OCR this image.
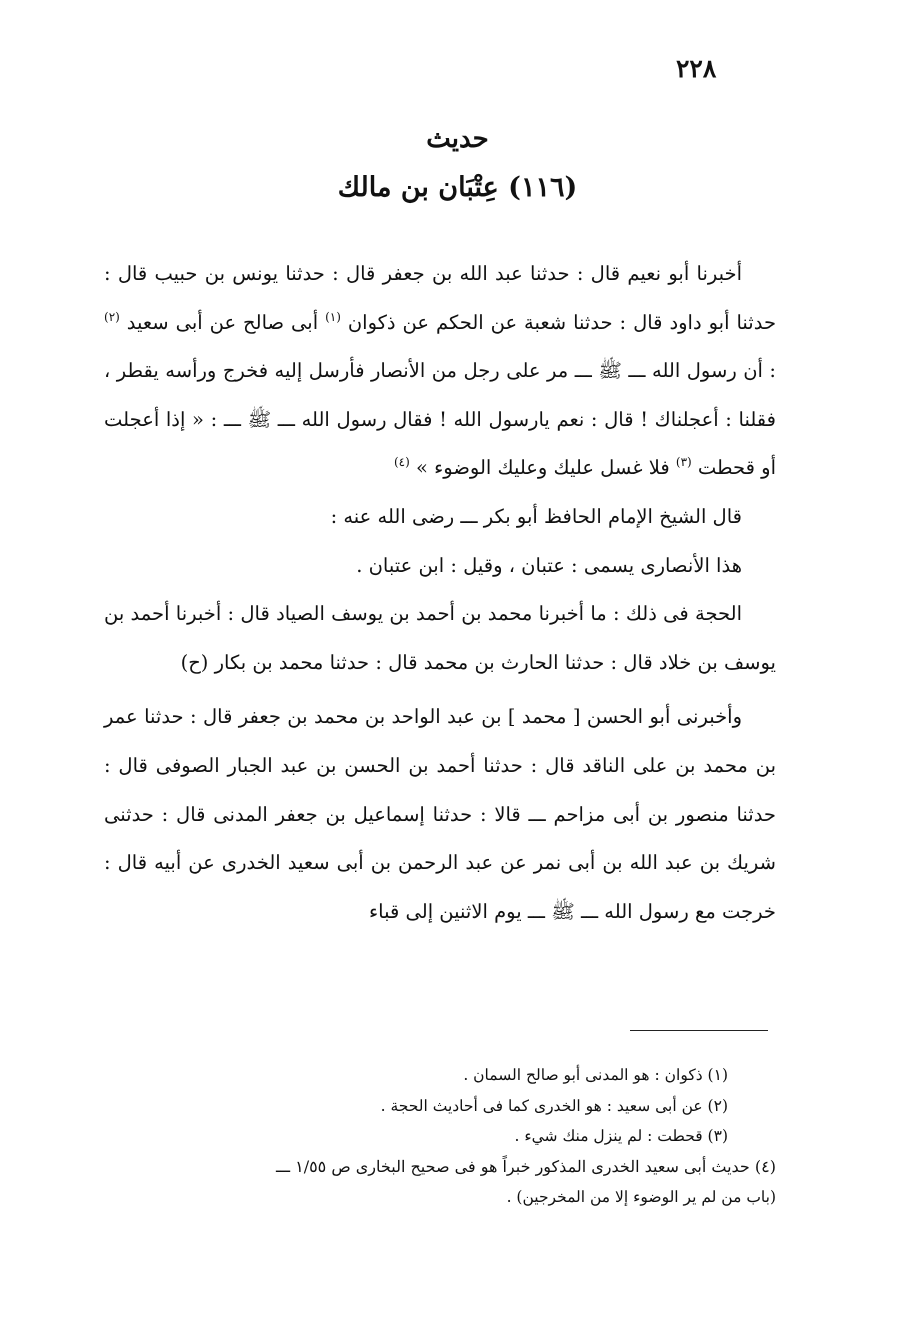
٢٢٨
حديث
(١١٦) عِتْبَان بن مالك

أخبرنا أبو نعيم قال : حدثنا عبد الله بن جعفر قال : حدثنا يونس بن حبيب قال : حدثنا أبو داود قال : حدثنا شعبة عن الحكم عن ذكوان $^{(١)}$ أبى صالح عن أبى سعيد $^{(٢)}$ : أن رسول الله ـــ ﷺ ـــ مر على رجل من الأنصار فأرسل إليه فخرج ورأسه يقطر ، فقلنا : أعجلناك ! قال : نعم يارسول الله ! فقال رسول الله ـــ ﷺ ـــ : « إذا أعجلت أو قحطت $^{(٣)}$ فلا غسل عليك وعليك الوضوء » $^{(٤)}$

قال الشيخ الإمام الحافظ أبو بكر ـــ رضى الله عنه :

هذا الأنصارى يسمى : عتبان ، وقيل : ابن عتبان .

الحجة فى ذلك : ما أخبرنا محمد بن أحمد بن يوسف الصياد قال : أخبرنا أحمد بن يوسف بن خلاد قال : حدثنا الحارث بن محمد قال : حدثنا محمد بن بكار (ح)

وأخبرنى أبو الحسن [ محمد ] بن عبد الواحد بن محمد بن جعفر قال : حدثنا عمر بن محمد بن على الناقد قال : حدثنا أحمد بن الحسن بن عبد الجبار الصوفى قال : حدثنا منصور بن أبى مزاحم ـــ قالا : حدثنا إسماعيل بن جعفر المدنى قال : حدثنى شريك بن عبد الله بن أبى نمر عن عبد الرحمن بن أبى سعيد الخدرى عن أبيه قال : خرجت مع رسول الله ـــ ﷺ ـــ يوم الاثنين إلى قباء

(١) ذكوان : هو المدنى أبو صالح السمان .

(٢) عن أبى سعيد : هو الخدرى كما فى أحاديث الحجة .

(٣) قحطت : لم ينزل منك شيء .

(٤) حديث أبى سعيد الخدرى المذكور خبراً هو فى صحيح البخارى ص ١/٥٥ ـــ

(باب من لم ير الوضوء إلا من المخرجين) .
